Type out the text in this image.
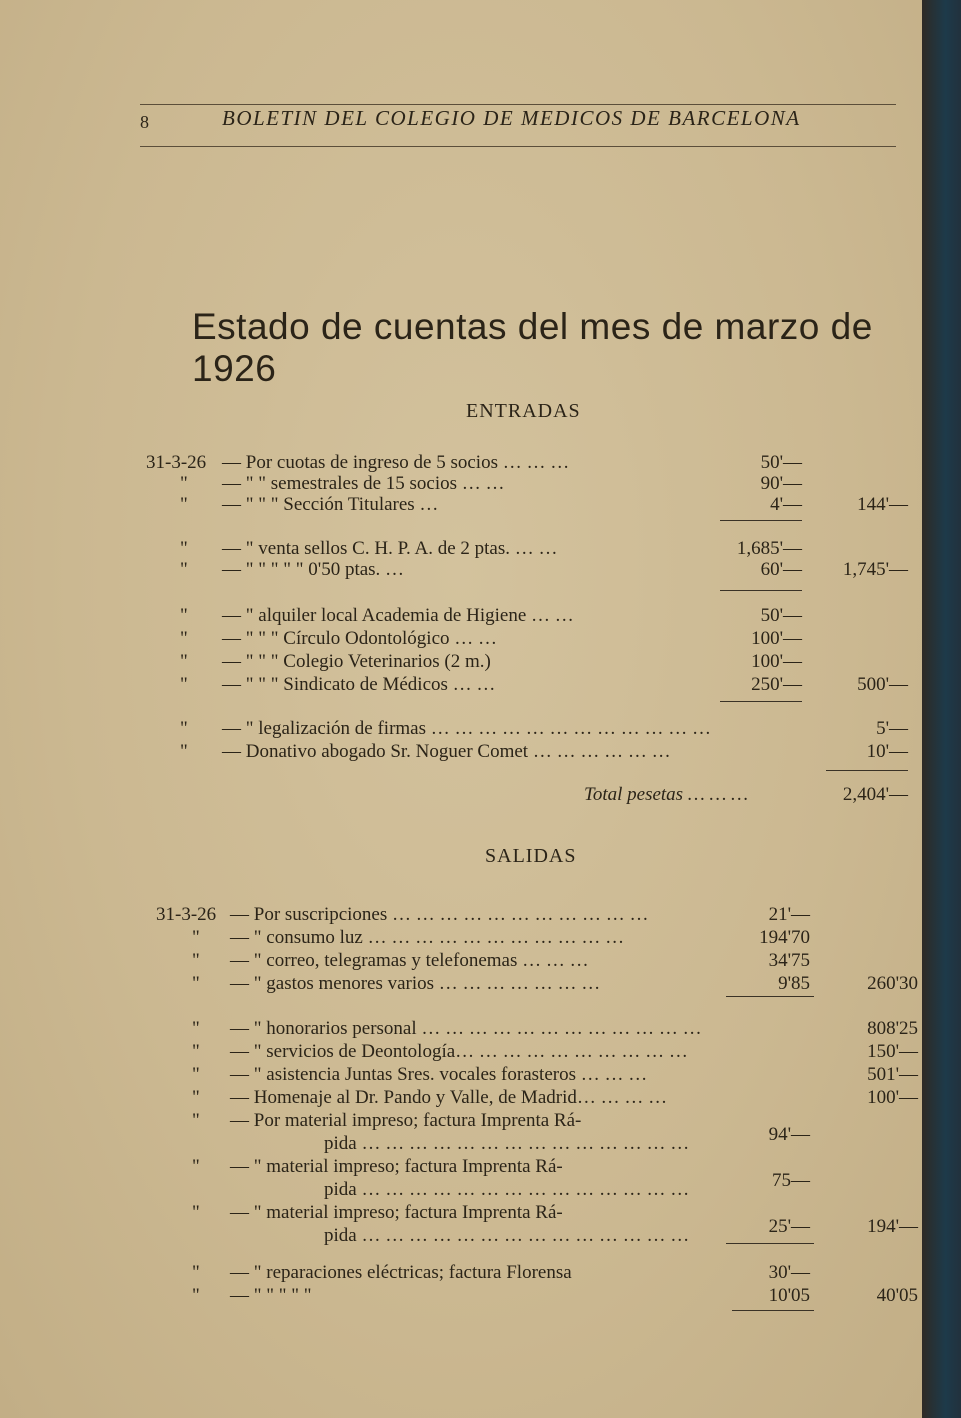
8	BOLETIN DEL COLEGIO DE MEDICOS DE BARCELONA
Estado de cuentas del mes de marzo de 1926
ENTRADAS
31-3-26 — Por cuotas de ingreso de 5 socios … … …	50'—
" — " " semestrales de 15 socios … …	90'—
" — " " " Sección Titulares …	4'—	144'—
" — " venta sellos C. H. P. A. de 2 ptas. … …	1,685'—
" — " " " " " 0'50 ptas. …	60'—	1,745'—
" — " alquiler local Academia de Higiene … …	50'—
" — " " " Círculo Odontológico … …	100'—
" — " " " Colegio Veterinarios (2 m.)	100'—
" — " " " Sindicato de Médicos … …	250'—	500'—
" — " legalización de firmas … … … … … … … … … … … …	5'—
" — Donativo abogado Sr. Noguer Comet … … … … … …	10'—
Total pesetas … … …	2,404'—
SALIDAS
31-3-26 — Por suscripciones … … … … … … … … … … …	21'—
" — " consumo luz … … … … … … … … … … …	194'70
" — " correo, telegramas y telefonemas … … …	34'75
" — " gastos menores varios … … … … … … …	9'85	260'30
" — " honorarios personal … … … … … … … … … … … …	808'25
" — " servicios de Deontología… … … … … … … … … …	150'—
" — " asistencia Juntas Sres. vocales forasteros … … …	501'—
" — Homenaje al Dr. Pando y Valle, de Madrid… … … …	100'—
" — Por material impreso; factura Imprenta Rá-
pida … … … … … … … … … … … … … …	94'—
" — " material impreso; factura Imprenta Rá-
pida … … … … … … … … … … … … … …	75—
" — " material impreso; factura Imprenta Rá-
pida … … … … … … … … … … … … … …	25'—	194'—
" — " reparaciones eléctricas; factura Florensa	30'—
" — " " " " "	10'05	40'05
